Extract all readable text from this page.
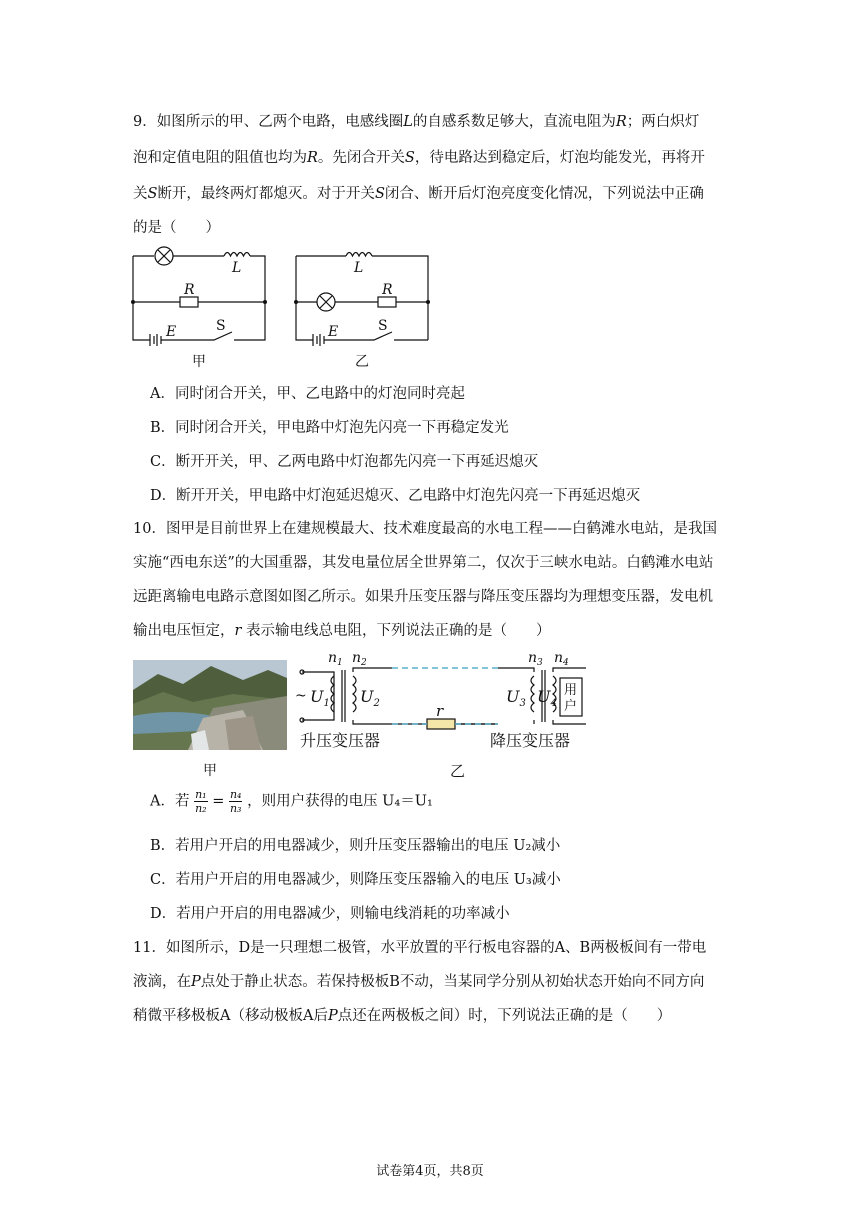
9．如图所示的甲、乙两个电路，电感线圈L的自感系数足够大，直流电阻为R；两白炽灯
泡和定值电阻的阻值也均为R。先闭合开关S，待电路达到稳定后，灯泡均能发光，再将开
关S断开，最终两灯都熄灭。对于开关S闭合、断开后灯泡亮度变化情况，下列说法中正确
的是（　　）
L
R
E	S
甲
L
R
E	S
乙
A．同时闭合开关，甲、乙电路中的灯泡同时亮起
B．同时闭合开关，甲电路中灯泡先闪亮一下再稳定发光
C．断开开关，甲、乙两电路中灯泡都先闪亮一下再延迟熄灭
D．断开开关，甲电路中灯泡延迟熄灭、乙电路中灯泡先闪亮一下再延迟熄灭
10．图甲是目前世界上在建规模最大、技术难度最高的水电工程——白鹤滩水电站，是我国
实施“西电东送”的大国重器，其发电量位居全世界第二，仅次于三峡水电站。白鹤滩水电站
远距离输电电路示意图如图乙所示。如果升压变压器与降压变压器均为理想变压器，发电机
输出电压恒定，r 表示输电线总电阻，下列说法正确的是（　　）
甲
~
$n_1$ $n_2$	$n_3$ $n_4$
$U_1$ $U_2$	$U_3$ $U_4$
r
用
户
升压变压器	降压变压器
乙
A．若 $\frac{\text{n₁}}{\text{n₂}} = \frac{\text{n₄}}{\text{n₃}}$ ，则用户获得的电压 U₄＝U₁
B．若用户开启的用电器减少，则升压变压器输出的电压 U₂减小
C．若用户开启的用电器减少，则降压变压器输入的电压 U₃减小
D．若用户开启的用电器减少，则输电线消耗的功率减小
11．如图所示，D是一只理想二极管，水平放置的平行板电容器的A、B两极板间有一带电
液滴，在P点处于静止状态。若保持极板B不动，当某同学分别从初始状态开始向不同方向
稍微平移极板A（移动极板A后P点还在两极板之间）时，下列说法正确的是（　　）
试卷第4页，共8页
